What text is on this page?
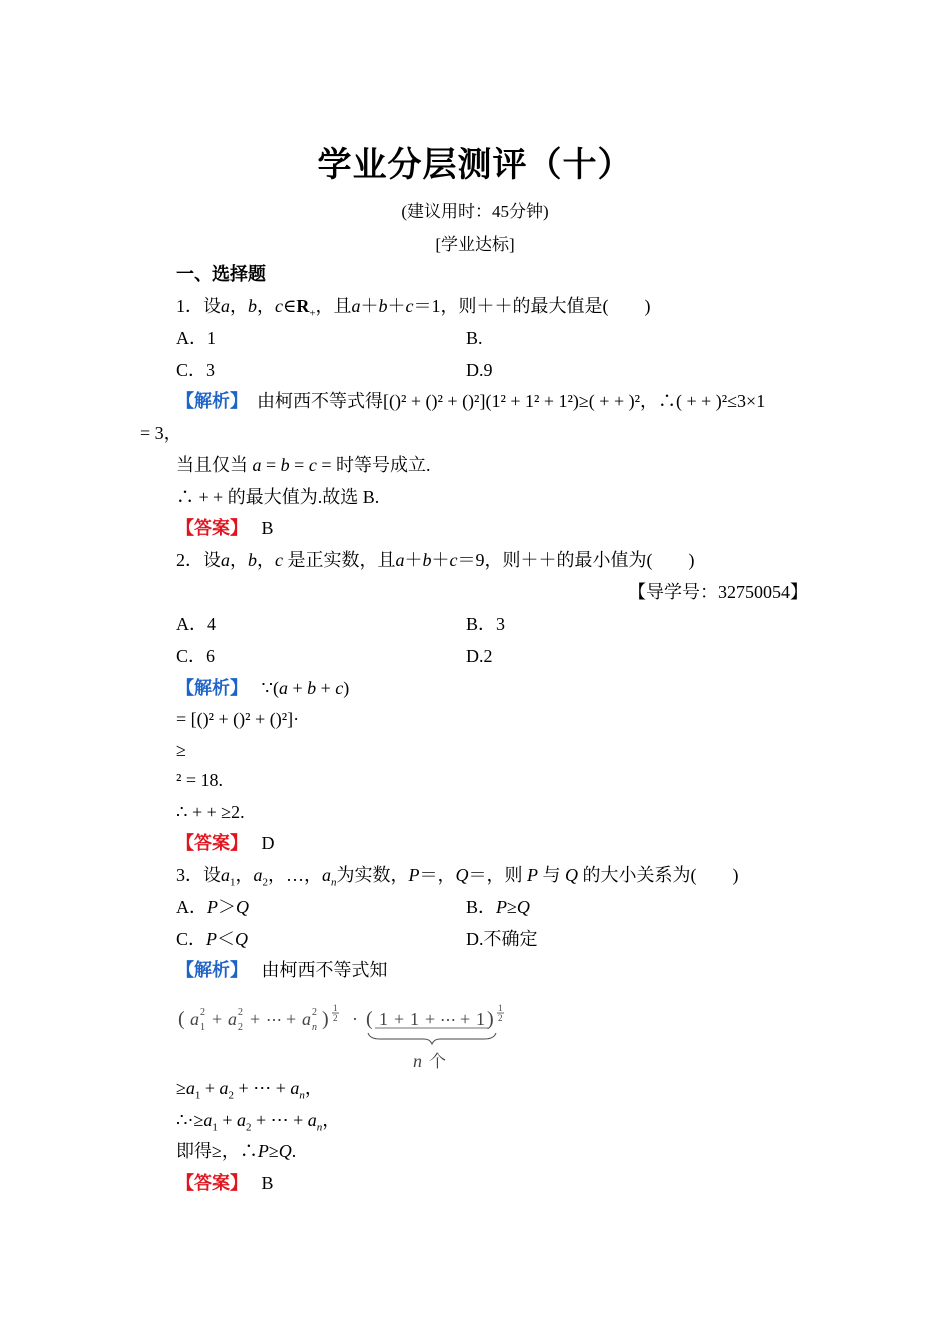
学业分层测评（十）
(建议用时：45分钟)
[学业达标]
一、选择题
1．设a，b，$c\in R_+$，且a＋b＋c＝1，则＋＋的最大值是(　　)
A．1	B.
C．3	D.9
【解析】 由柯西不等式得[()² + ()² + ()²](1² + 1² + 1²)≥( + + )²，∴( + + )²≤3×1
= 3，
当且仅当 a = b = c = 时等号成立.
∴ + + 的最大值为.故选 B.
【答案】 B
2．设a，b，c 是正实数，且a＋b＋c＝9，则＋＋的最小值为(　　)
【导学号：32750054】
A．4	B．3
C．6	D.2
【解析】   ∵(a + b + c)
= [()² + ()² + ()²]·
≥
² = 18.
∴ + + ≥2.
【答案】 D
3．设$a_1$，$a_2$，…，$a_n$为实数，P＝，Q＝，则 P 与 Q 的大小关系为(　　)
A．P＞Q	B．P≥Q
C．P＜Q	D.不确定
【解析】 由柯西不等式知
( a 2
1 + a 2
2 + ⋯ + a 2
n ) 1
2 · ( 1 + 1 + ⋯ + 1 ) 1
2
n 个
$\ge a_1 + a_2$ + ⋯ + $a_n$，
$\therefore\cdot\ge a_1 + a_2$ + ⋯ + $a_n$，
即得≥，∴P≥Q.
【答案】 B
